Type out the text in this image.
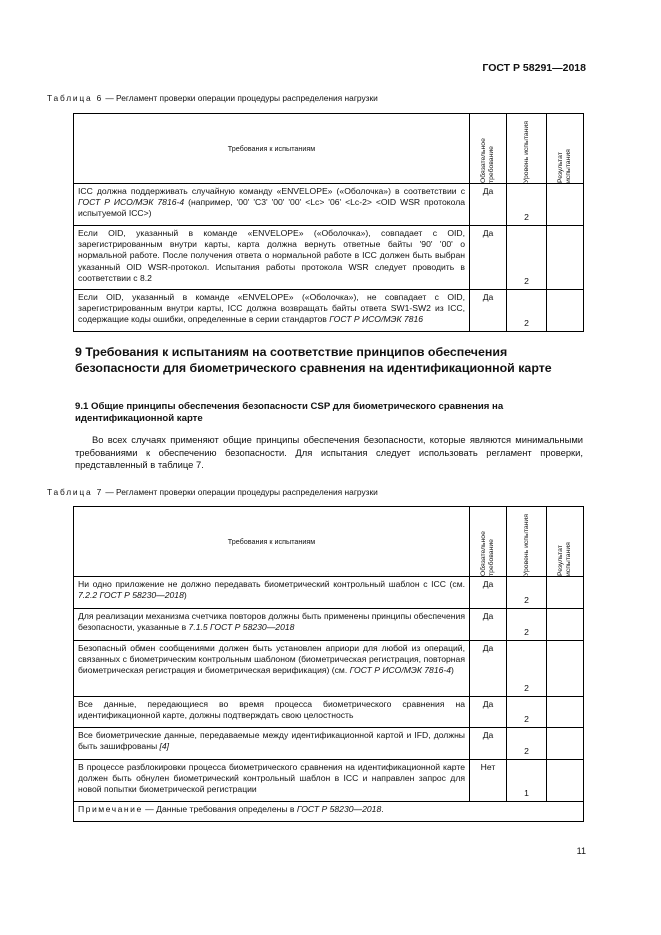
ГОСТ Р 58291—2018
Таблица 6 — Регламент проверки операции процедуры распределения нагрузки
Требования к испытаниям	Обязательное требование	Уровень испытания	Результат испытания

ICC должна поддерживать случайную команду «ENVELOPE» («Оболочка») в соответствии с ГОСТ Р ИСО/МЭК 7816-4 (например, '00' 'C3' '00' '00' <Lc> '06' <Lc-2> <OID WSR протокола испытуемой ICC>)	Да	2	
Если OID, указанный в команде «ENVELOPE» («Оболочка»), совпадает с OID, зарегистрированным внутри карты, карта должна вернуть ответные байты '90' '00' о нормальной работе. После получения ответа о нормальной работе в ICC должен быть выбран указанный OID WSR-протокол. Испытания работы протокола WSR следует проводить в соответствии с 8.2	Да	2	
Если OID, указанный в команде «ENVELOPE» («Оболочка»), не совпадает с OID, зарегистрированным внутри карты, ICC должна возвращать байты ответа SW1-SW2 из ICC, содержащие коды ошибки, определенные в серии стандартов ГОСТ Р ИСО/МЭК 7816	Да	2	
9 Требования к испытаниям на соответствие принципов обеспечения безопасности для биометрического сравнения на идентификационной карте
9.1 Общие принципы обеспечения безопасности CSP для биометрического сравнения на идентификационной карте

Во всех случаях применяют общие принципы обеспечения безопасности, которые являются минимальными требованиями к обеспечению безопасности. Для испытания следует использовать регламент проверки, представленный в таблице 7.

Таблица 7 — Регламент проверки операции процедуры распределения нагрузки
Требования к испытаниям	Обязательное требование	Уровень испытания	Результат испытания

Ни одно приложение не должно передавать биометрический контрольный шаблон с ICC (см. 7.2.2 ГОСТ Р 58230—2018)	Да	2	
Для реализации механизма счетчика повторов должны быть применены принципы обеспечения безопасности, указанные в 7.1.5 ГОСТ Р 58230—2018	Да	2	
Безопасный обмен сообщениями должен быть установлен априори для любой из операций, связанных с биометрическим контрольным шаблоном (биометрическая регистрация, повторная биометрическая регистрация и биометрическая верификация) (см. ГОСТ Р ИСО/МЭК 7816-4)	Да	2	
Все данные, передающиеся во время процесса биометрического сравнения на идентификационной карте, должны подтверждать свою целостность	Да	2	
Все биометрические данные, передаваемые между идентификационной картой и IFD, должны быть зашифрованы [4]	Да	2	
В процессе разблокировки процесса биометрического сравнения на идентификационной карте должен быть обнулен биометрический контрольный шаблон в ICC и направлен запрос для новой попытки биометрической регистрации	Нет	1	
Примечание — Данные требования определены в ГОСТ Р 58230—2018.			
11
